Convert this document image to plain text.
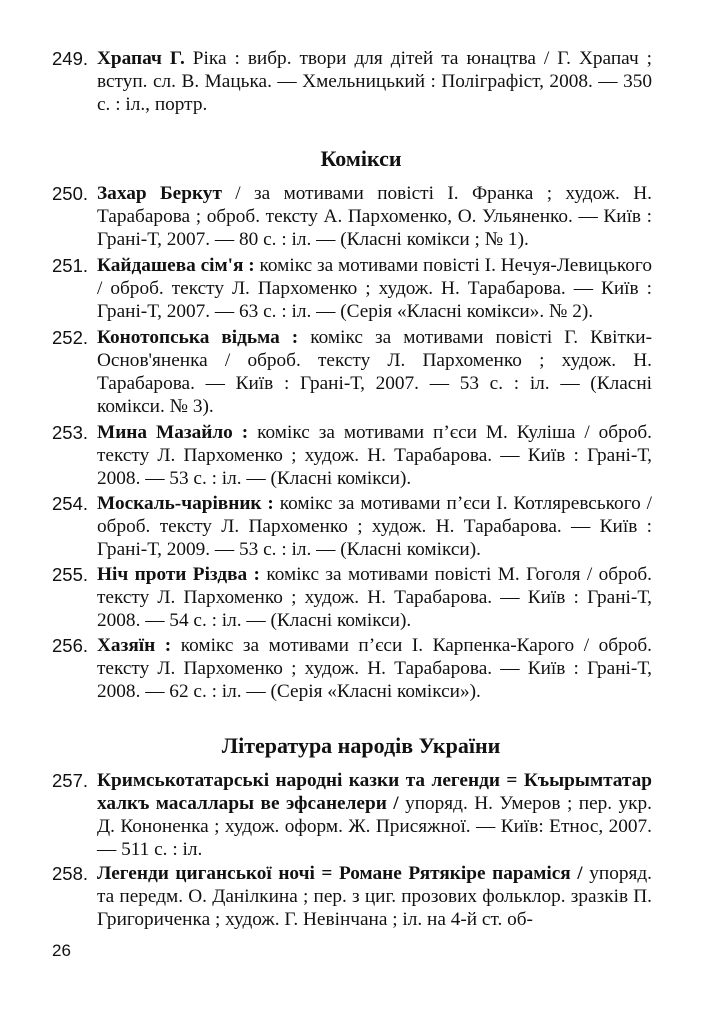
249. Храпач Г. Ріка : вибр. твори для дітей та юнацтва / Г. Храпач ; вступ. сл. В. Мацька. — Хмельницький : Поліграфіст, 2008. — 350 с. : іл., портр.
Комікси
250. Захар Беркут / за мотивами повісті І. Франка ; худож. Н. Тарабарова ; оброб. тексту А. Пархоменко, О. Ульяненко. — Київ : Грані-Т, 2007. — 80 с. : іл. — (Класні комікси ; № 1).
251. Кайдашева сім'я : комікс за мотивами повісті І. Нечуя-Левицького / оброб. тексту Л. Пархоменко ; худож. Н. Тарабарова. — Київ : Грані-Т, 2007. — 63 с. : іл. — (Серія «Класні комікси». № 2).
252. Конотопська відьма : комікс за мотивами повісті Г. Квітки-Основ'яненка / оброб. тексту Л. Пархоменко ; худож. Н. Тарабарова. — Київ : Грані-Т, 2007. — 53 с. : іл. — (Класні комікси. № 3).
253. Мина Мазайло : комікс за мотивами п’єси М. Куліша / оброб. тексту Л. Пархоменко ; худож. Н. Тарабарова. — Київ : Грані-Т, 2008. — 53 с. : іл. — (Класні комікси).
254. Москаль-чарівник : комікс за мотивами п’єси І. Котляревського / оброб. тексту Л. Пархоменко ; худож. Н. Тарабарова. — Київ : Грані-Т, 2009. — 53 с. : іл. — (Класні комікси).
255. Ніч проти Різдва : комікс за мотивами повісті М. Гоголя / оброб. тексту Л. Пархоменко ; худож. Н. Тарабарова. — Київ : Грані-Т, 2008. — 54 с. : іл. — (Класні комікси).
256. Хазяїн : комікс за мотивами п’єси І. Карпенка-Карого / оброб. тексту Л. Пархоменко ; худож. Н. Тарабарова. — Київ : Грані-Т, 2008. — 62 с. : іл. — (Серія «Класні комікси»).
Література народів України
257. Кримськотатарські народні казки та легенди = Къырымтатар халкъ масаллары ве эфсанелери / упоряд. Н. Умеров ; пер. укр. Д. Кононенка ; худож. оформ. Ж. Присяжної. — Київ: Етнос, 2007. — 511 с. : іл.
258. Легенди циганської ночі = Романе Рятякіре параміся / упоряд. та передм. О. Данілкина ; пер. з циг. прозових фольклор. зразків П. Григориченка ; худож. Г. Невінчана ; іл. на 4-й ст. об-
26
